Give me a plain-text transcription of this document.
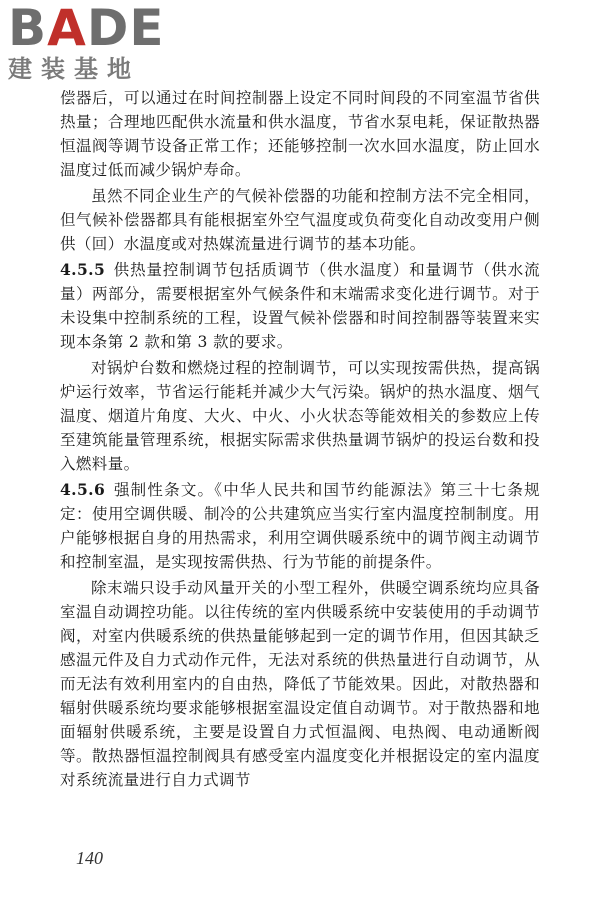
BADE
建装基地

偿器后，可以通过在时间控制器上设定不同时间段的不同室温节省供热量；合理地匹配供水流量和供水温度，节省水泵电耗，保证散热器恒温阀等调节设备正常工作；还能够控制一次水回水温度，防止回水温度过低而减少锅炉寿命。

虽然不同企业生产的气候补偿器的功能和控制方法不完全相同，但气候补偿器都具有能根据室外空气温度或负荷变化自动改变用户侧供（回）水温度或对热媒流量进行调节的基本功能。

4.5.5 供热量控制调节包括质调节（供水温度）和量调节（供水流量）两部分，需要根据室外气候条件和末端需求变化进行调节。对于未设集中控制系统的工程，设置气候补偿器和时间控制器等装置来实现本条第 2 款和第 3 款的要求。

对锅炉台数和燃烧过程的控制调节，可以实现按需供热，提高锅炉运行效率，节省运行能耗并减少大气污染。锅炉的热水温度、烟气温度、烟道片角度、大火、中火、小火状态等能效相关的参数应上传至建筑能量管理系统，根据实际需求供热量调节锅炉的投运台数和投入燃料量。

4.5.6 强制性条文。《中华人民共和国节约能源法》第三十七条规定：使用空调供暖、制冷的公共建筑应当实行室内温度控制制度。用户能够根据自身的用热需求，利用空调供暖系统中的调节阀主动调节和控制室温，是实现按需供热、行为节能的前提条件。

除末端只设手动风量开关的小型工程外，供暖空调系统均应具备室温自动调控功能。以往传统的室内供暖系统中安装使用的手动调节阀，对室内供暖系统的供热量能够起到一定的调节作用，但因其缺乏感温元件及自力式动作元件，无法对系统的供热量进行自动调节，从而无法有效利用室内的自由热，降低了节能效果。因此，对散热器和辐射供暖系统均要求能够根据室温设定值自动调节。对于散热器和地面辐射供暖系统，主要是设置自力式恒温阀、电热阀、电动通断阀等。散热器恒温控制阀具有感受室内温度变化并根据设定的室内温度对系统流量进行自力式调节

140
